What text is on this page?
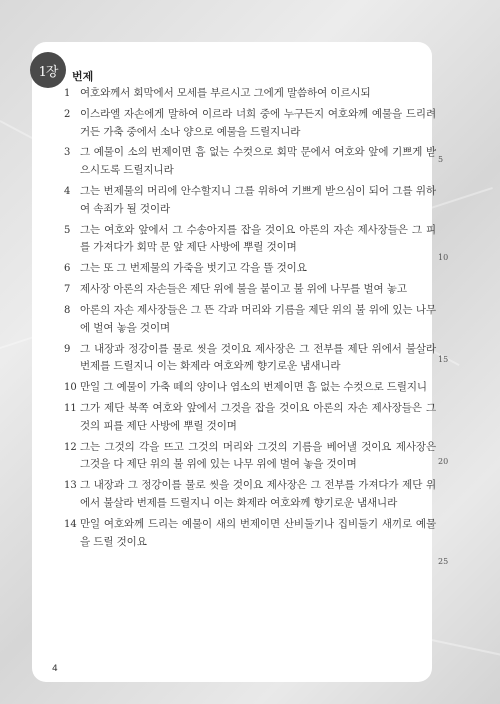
1장	번제
1 여호와께서 회막에서 모세를 부르시고 그에게 말씀하여 이르시되
2 이스라엘 자손에게 말하여 이르라 너희 중에 누구든지 여호와께 예물을 드리려거든 가축 중에서 소나 양으로 예물을 드릴지니라
3 그 예물이 소의 번제이면 흠 없는 수컷으로 회막 문에서 여호와 앞에 기쁘게 받으시도록 드릴지니라
4 그는 번제물의 머리에 안수할지니 그를 위하여 기쁘게 받으심이 되어 그를 위하여 속죄가 될 것이라
5 그는 여호와 앞에서 그 수송아지를 잡을 것이요 아론의 자손 제사장들은 그 피를 가져다가 회막 문 앞 제단 사방에 뿌릴 것이며
6 그는 또 그 번제물의 가죽을 벗기고 각을 뜰 것이요
7 제사장 아론의 자손들은 제단 위에 불을 붙이고 불 위에 나무를 벌여 놓고
8 아론의 자손 제사장들은 그 뜬 각과 머리와 기름을 제단 위의 불 위에 있는 나무에 벌여 놓을 것이며
9 그 내장과 정강이를 물로 씻을 것이요 제사장은 그 전부를 제단 위에서 불살라 번제를 드릴지니 이는 화제라 여호와께 향기로운 냄새니라
10 만일 그 예물이 가축 떼의 양이나 염소의 번제이면 흠 없는 수컷으로 드릴지니
11 그가 제단 북쪽 여호와 앞에서 그것을 잡을 것이요 아론의 자손 제사장들은 그것의 피를 제단 사방에 뿌릴 것이며
12 그는 그것의 각을 뜨고 그것의 머리와 그것의 기름을 베어낼 것이요 제사장은 그것을 다 제단 위의 불 위에 있는 나무 위에 벌여 놓을 것이며
13 그 내장과 그 정강이를 물로 씻을 것이요 제사장은 그 전부를 가져다가 제단 위에서 불살라 번제를 드릴지니 이는 화제라 여호와께 향기로운 냄새니라
14 만일 여호와께 드리는 예물이 새의 번제이면 산비둘기나 집비둘기 새끼로 예물을 드릴 것이요
5
10
15
20
25
4
